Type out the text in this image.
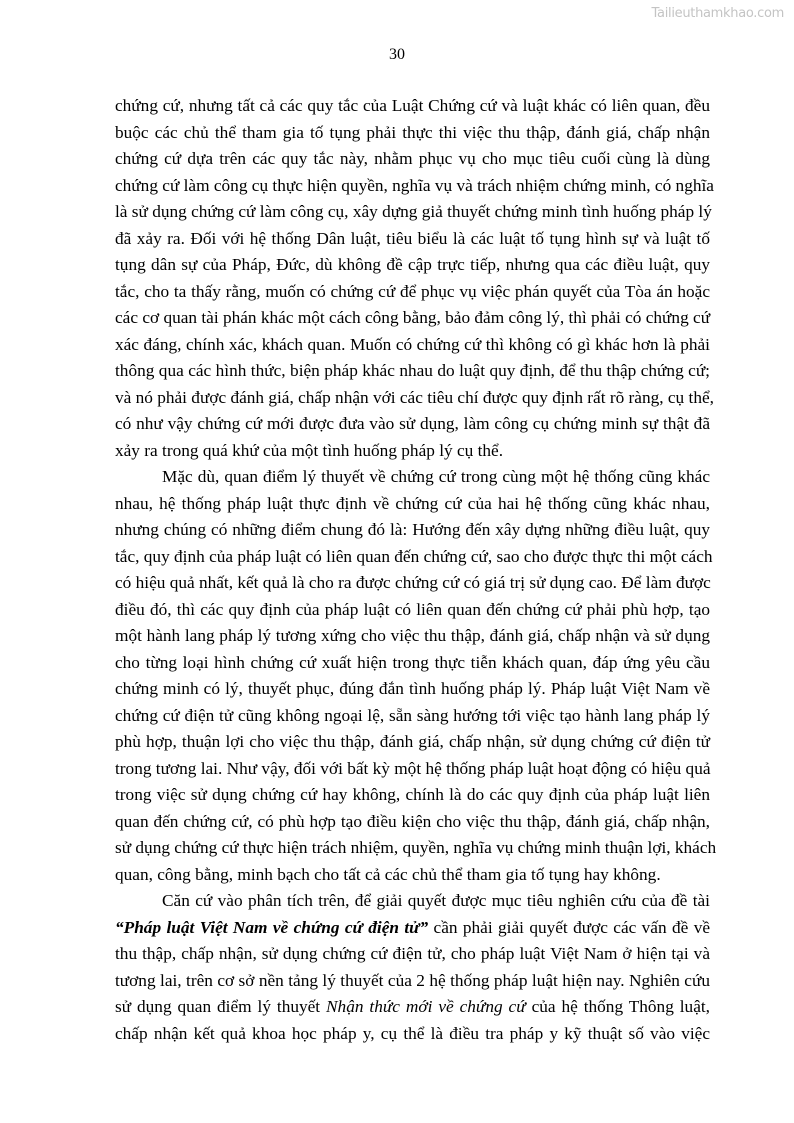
Tailieuthamkhao.com
30
chứng cứ, nhưng tất cả các quy tắc của Luật Chứng cứ và luật khác có liên quan, đều
buộc các chủ thể tham gia tố tụng phải thực thi việc thu thập, đánh giá, chấp nhận
chứng cứ dựa trên các quy tắc này, nhằm phục vụ cho mục tiêu cuối cùng là dùng
chứng cứ làm công cụ thực hiện quyền, nghĩa vụ và trách nhiệm chứng minh, có nghĩa
là sử dụng chứng cứ làm công cụ, xây dựng giả thuyết chứng minh tình huống pháp lý
đã xảy ra. Đối với hệ thống Dân luật, tiêu biểu là các luật tố tụng hình sự và luật tố
tụng dân sự của Pháp, Đức, dù không đề cập trực tiếp, nhưng qua các điều luật, quy
tắc, cho ta thấy rằng, muốn có chứng cứ để phục vụ việc phán quyết của Tòa án hoặc
các cơ quan tài phán khác một cách công bằng, bảo đảm công lý, thì phải có chứng cứ
xác đáng, chính xác, khách quan. Muốn có chứng cứ thì không có gì khác hơn là phải
thông qua các hình thức, biện pháp khác nhau do luật quy định, để thu thập chứng cứ;
và nó phải được đánh giá, chấp nhận với các tiêu chí được quy định rất rõ ràng, cụ thể,
có như vậy chứng cứ mới được đưa vào sử dụng, làm công cụ chứng minh sự thật đã
xảy ra trong quá khứ của một tình huống pháp lý cụ thể.
Mặc dù, quan điểm lý thuyết về chứng cứ trong cùng một hệ thống cũng khác
nhau, hệ thống pháp luật thực định về chứng cứ của hai hệ thống cũng khác nhau,
nhưng chúng có những điểm chung đó là: Hướng đến xây dựng những điều luật, quy
tắc, quy định của pháp luật có liên quan đến chứng cứ, sao cho được thực thi một cách
có hiệu quả nhất, kết quả là cho ra được chứng cứ có giá trị sử dụng cao. Để làm được
điều đó, thì các quy định của pháp luật có liên quan đến chứng cứ phải phù hợp, tạo
một hành lang pháp lý tương xứng cho việc thu thập, đánh giá, chấp nhận và sử dụng
cho từng loại hình chứng cứ xuất hiện trong thực tiễn khách quan, đáp ứng yêu cầu
chứng minh có lý, thuyết phục, đúng đắn tình huống pháp lý. Pháp luật Việt Nam về
chứng cứ điện tử cũng không ngoại lệ, sẵn sàng hướng tới việc tạo hành lang pháp lý
phù hợp, thuận lợi cho việc thu thập, đánh giá, chấp nhận, sử dụng chứng cứ điện tử
trong tương lai. Như vậy, đối với bất kỳ một hệ thống pháp luật hoạt động có hiệu quả
trong việc sử dụng chứng cứ hay không, chính là do các quy định của pháp luật liên
quan đến chứng cứ, có phù hợp tạo điều kiện cho việc thu thập, đánh giá, chấp nhận,
sử dụng chứng cứ thực hiện trách nhiệm, quyền, nghĩa vụ chứng minh thuận lợi, khách
quan, công bằng, minh bạch cho tất cả các chủ thể tham gia tố tụng hay không.
Căn cứ vào phân tích trên, để giải quyết được mục tiêu nghiên cứu của đề tài
“Pháp luật Việt Nam về chứng cứ điện tử” cần phải giải quyết được các vấn đề về
thu thập, chấp nhận, sử dụng chứng cứ điện tử, cho pháp luật Việt Nam ở hiện tại và
tương lai, trên cơ sở nền tảng lý thuyết của 2 hệ thống pháp luật hiện nay. Nghiên cứu
sử dụng quan điểm lý thuyết Nhận thức mới về chứng cứ của hệ thống Thông luật,
chấp nhận kết quả khoa học pháp y, cụ thể là điều tra pháp y kỹ thuật số vào việc
